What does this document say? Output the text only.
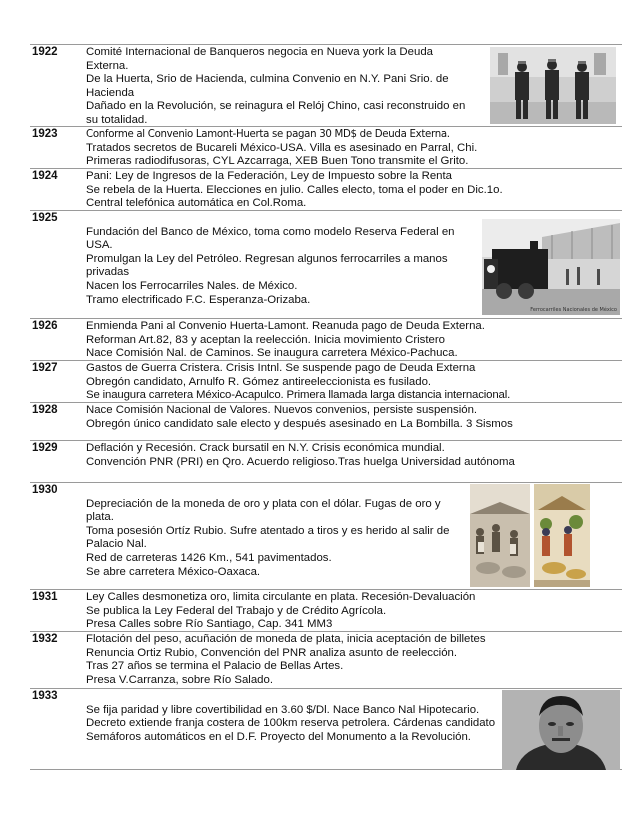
1922 Comité Internacional de Banqueros negocia en Nueva york la Deuda
Externa.
De la Huerta, Srio de Hacienda, culmina Convenio en N.Y. Pani Srio. de
Hacienda
Dañado en la Revolución, se reinagura el Relój Chino, casi reconstruido en
su totalidad.
1923	Conforme al Convenio Lamont-Huerta se pagan 30 MD$ de Deuda Externa.
Tratados secretos de Bucareli México-USA. Villa es asesinado en Parral, Chi.
Primeras radiodifusoras, CYL Azcarraga, XEB Buen Tono transmite el Grito.
1924 Pani: Ley de Ingresos de la Federación, Ley de Impuesto sobre la Renta
Se rebela de la Huerta. Elecciones en julio. Calles electo, toma el poder en Dic.1o.
Central telefónica automática en Col.Roma.
1925
Fundación del Banco de México, toma como modelo Reserva Federal en
USA.
Promulgan la Ley del Petróleo. Regresan algunos ferrocarriles a manos
privadas
Nacen los Ferrocarriles Nales. de México.
Tramo electrificado F.C. Esperanza-Orizaba.
Ferrocarriles Nacionales de México
1926 Enmienda Pani al Convenio Huerta-Lamont. Reanuda pago de Deuda Externa.
Reforman Art.82, 83 y aceptan la reelección. Inicia movimiento Cristero
Nace Comisión Nal. de Caminos. Se inaugura carretera México-Pachuca.
1927 Gastos de Guerra Cristera. Crisis Intnl. Se suspende pago de Deuda Externa
Obregón candidato, Arnulfo R. Gómez antireeleccionista es fusilado.
Se inaugura carretera México-Acapulco. Primera llamada larga distancia internacional.
1928 Nace Comisión Nacional de Valores. Nuevos convenios, persiste suspensión.
Obregón único candidato sale electo y después asesinado en La Bombilla. 3 Sismos
1929 Deflación y Recesión. Crack bursatil en N.Y. Crisis económica mundial.
Convención PNR (PRI) en Qro. Acuerdo religioso.Tras huelga Universidad autónoma
1930
Depreciación de la moneda de oro y plata con el dólar. Fugas de oro y
plata.
Toma posesión Ortíz Rubio. Sufre atentado a tiros y es herido al salir de
Palacio Nal.
Red de carreteras 1426 Km., 541 pavimentados.
Se abre carretera México-Oaxaca.
1931 Ley Calles desmonetiza oro, limita circulante en plata. Recesión-Devaluación
Se publica la Ley Federal del Trabajo y de Crédito Agrícola.
Presa Calles sobre Río Santiago, Cap. 341 MM3
1932 Flotación del peso, acuñación de moneda de plata, inicia aceptación de billetes
Renuncia Ortiz Rubio, Convención del PNR analiza asunto de reelección.
Tras 27 años se termina el Palacio de Bellas Artes.
Presa V.Carranza, sobre Río Salado.
1933
Se fija paridad y libre covertibilidad en 3.60 $/Dl. Nace Banco Nal Hipotecario.
Decreto extiende franja costera de 100km reserva petrolera. Cárdenas candidato
Semáforos automáticos en el D.F. Proyecto del Monumento a la Revolución.
